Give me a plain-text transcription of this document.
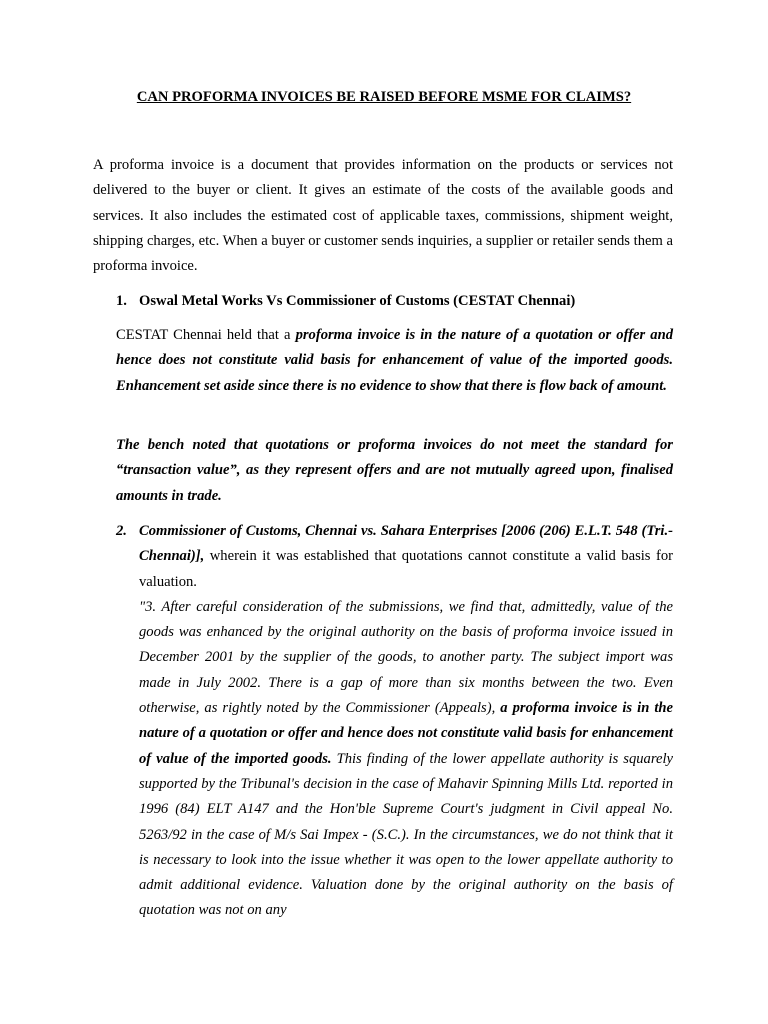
CAN PROFORMA INVOICES BE RAISED BEFORE MSME FOR CLAIMS?

A proforma invoice is a document that provides information on the products or services not delivered to the buyer or client. It gives an estimate of the costs of the available goods and services. It also includes the estimated cost of applicable taxes, commissions, shipment weight, shipping charges, etc. When a buyer or customer sends inquiries, a supplier or retailer sends them a proforma invoice.

1. Oswal Metal Works Vs Commissioner of Customs (CESTAT Chennai)

CESTAT Chennai held that a proforma invoice is in the nature of a quotation or offer and hence does not constitute valid basis for enhancement of value of the imported goods. Enhancement set aside since there is no evidence to show that there is flow back of amount.

The bench noted that quotations or proforma invoices do not meet the standard for “transaction value”, as they represent offers and are not mutually agreed upon, finalised amounts in trade.

2. Commissioner of Customs, Chennai vs. Sahara Enterprises [2006 (206) E.L.T. 548 (Tri.-Chennai)], wherein it was established that quotations cannot constitute a valid basis for valuation.
"3. After careful consideration of the submissions, we find that, admittedly, value of the goods was enhanced by the original authority on the basis of proforma invoice issued in December 2001 by the supplier of the goods, to another party. The subject import was made in July 2002. There is a gap of more than six months between the two. Even otherwise, as rightly noted by the Commissioner (Appeals), a proforma invoice is in the nature of a quotation or offer and hence does not constitute valid basis for enhancement of value of the imported goods. This finding of the lower appellate authority is squarely supported by the Tribunal's decision in the case of Mahavir Spinning Mills Ltd. reported in 1996 (84) ELT A147 and the Hon'ble Supreme Court's judgment in Civil appeal No. 5263/92 in the case of M/s Sai Impex - (S.C.). In the circumstances, we do not think that it is necessary to look into the issue whether it was open to the lower appellate authority to admit additional evidence. Valuation done by the original authority on the basis of quotation was not on any
